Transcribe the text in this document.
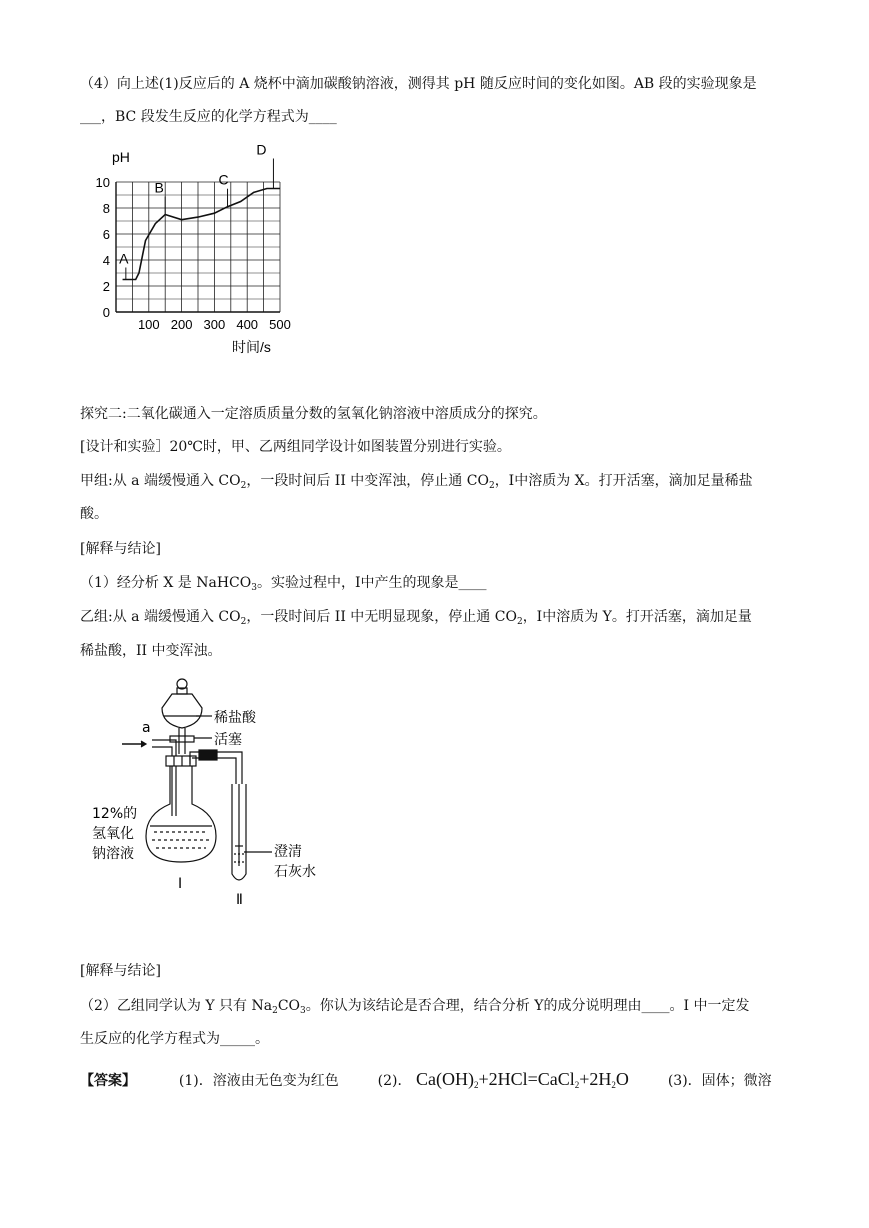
（4）向上述(1)反应后的 A 烧杯中滴加碳酸钠溶液，测得其 pH 随反应时间的变化如图。AB 段的实验现象是
___，BC 段发生反应的化学方程式为____
0
2
4
6
8
10
100 200 300 400 500
A
B	C
D
pH
时间/s
探究二:二氧化碳通入一定溶质质量分数的氢氧化钠溶液中溶质成分的探究。
[设计和实验］20℃时，甲、乙两组同学设计如图装置分别进行实验。
甲组:从 a 端缓慢通入 $CO_2$，一段时间后 II 中变浑浊，停止通 $CO_2$，Ⅰ中溶质为 X。打开活塞，滴加足量稀盐
酸。
[解释与结论]
（1）经分析 X 是 NaHCO$_3$。实验过程中，Ⅰ中产生的现象是____
乙组:从 a 端缓慢通入 $CO_2$，一段时间后 II 中无明显现象，停止通 $CO_2$，Ⅰ中溶质为 Y。打开活塞，滴加足量
稀盐酸，II 中变浑浊。
a
稀盐酸
活塞
12%的
氢氧化
钠溶液	澄清
石灰水
Ⅰ
Ⅱ
[解释与结论]
（2）乙组同学认为 Y 只有 $Na_2CO_3$。你认为该结论是否合理，结合分析 Y的成分说明理由____。I 中一定发
生反应的化学方程式为_____。
【答案】	(1)．溶液由无色变为红色	(2)． $Ca(OH)_2+2HCl=CaCl_2+2H_2O$	(3)．固体；微溶
